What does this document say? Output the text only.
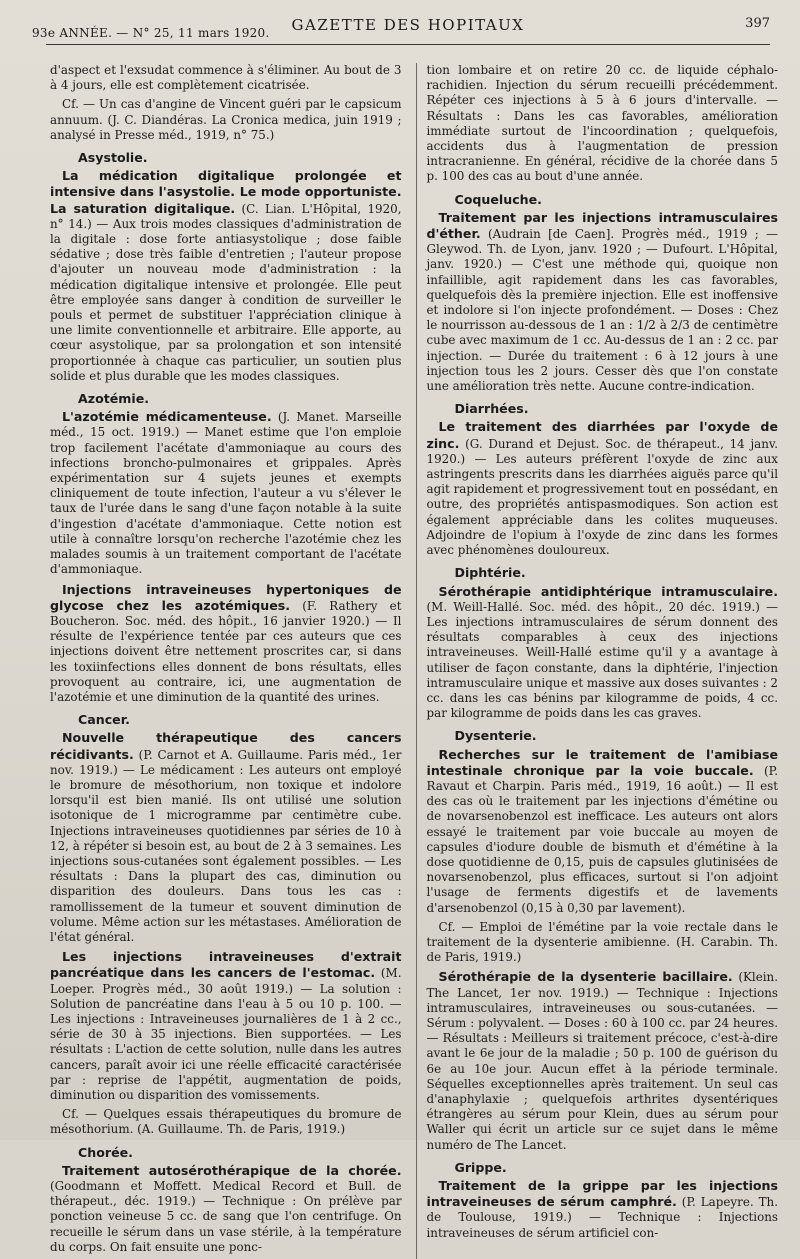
93e ANNÉE. — N° 25, 11 mars 1920.	GAZETTE DES HOPITAUX	397

d'aspect et l'exsudat commence à s'éliminer. Au bout de 3 à 4 jours, elle est complètement cicatrisée.

Cf. — Un cas d'angine de Vincent guéri par le capsicum annuum. (J. C. Diandéras. La Cronica medica, juin 1919 ; analysé in Presse méd., 1919, n° 75.)

Asystolie.

La médication digitalique prolongée et intensive dans l'asystolie. Le mode opportuniste. La saturation digitalique. (C. Lian. L'Hôpital, 1920, n° 14.) — Aux trois modes classiques d'administration de la digitale : dose forte antiasystolique ; dose faible sédative ; dose très faible d'entretien ; l'auteur propose d'ajouter un nouveau mode d'administration : la médication digitalique intensive et prolongée. Elle peut être employée sans danger à condition de surveiller le pouls et permet de substituer l'appréciation clinique à une limite conventionnelle et arbitraire. Elle apporte, au cœur asystolique, par sa prolongation et son intensité proportionnée à chaque cas particulier, un soutien plus solide et plus durable que les modes classiques.

Azotémie.

L'azotémie médicamenteuse. (J. Manet. Marseille méd., 15 oct. 1919.) — Manet estime que l'on emploie trop facilement l'acétate d'ammoniaque au cours des infections broncho-pulmonaires et grippales. Après expérimentation sur 4 sujets jeunes et exempts cliniquement de toute infection, l'auteur a vu s'élever le taux de l'urée dans le sang d'une façon notable à la suite d'ingestion d'acétate d'ammoniaque. Cette notion est utile à connaître lorsqu'on recherche l'azotémie chez les malades soumis à un traitement comportant de l'acétate d'ammoniaque.

Injections intraveineuses hypertoniques de glycose chez les azotémiques. (F. Rathery et Boucheron. Soc. méd. des hôpit., 16 janvier 1920.) — Il résulte de l'expérience tentée par ces auteurs que ces injections doivent être nettement proscrites car, si dans les toxiinfections elles donnent de bons résultats, elles provoquent au contraire, ici, une augmentation de l'azotémie et une diminution de la quantité des urines.

Cancer.

Nouvelle thérapeutique des cancers récidivants. (P. Carnot et A. Guillaume. Paris méd., 1er nov. 1919.) — Le médicament : Les auteurs ont employé le bromure de mésothorium, non toxique et indolore lorsqu'il est bien manié. Ils ont utilisé une solution isotonique de 1 microgramme par centimètre cube. Injections intraveineuses quotidiennes par séries de 10 à 12, à répéter si besoin est, au bout de 2 à 3 semaines. Les injections sous-cutanées sont également possibles. — Les résultats : Dans la plupart des cas, diminution ou disparition des douleurs. Dans tous les cas : ramollissement de la tumeur et souvent diminution de volume. Même action sur les métastases. Amélioration de l'état général.

Les injections intraveineuses d'extrait pancréatique dans les cancers de l'estomac. (M. Loeper. Progrès méd., 30 août 1919.) — La solution : Solution de pancréatine dans l'eau à 5 ou 10 p. 100. — Les injections : Intraveineuses journalières de 1 à 2 cc., série de 30 à 35 injections. Bien supportées. — Les résultats : L'action de cette solution, nulle dans les autres cancers, paraît avoir ici une réelle efficacité caractérisée par : reprise de l'appétit, augmentation de poids, diminution ou disparition des vomissements.

Cf. — Quelques essais thérapeutiques du bromure de mésothorium. (A. Guillaume. Th. de Paris, 1919.)

Chorée.

Traitement autosérothérapique de la chorée. (Goodmann et Moffett. Medical Record et Bull. de thérapeut., déc. 1919.) — Technique : On prélève par ponction veineuse 5 cc. de sang que l'on centrifuge. On recueille le sérum dans un vase stérile, à la température du corps. On fait ensuite une ponc-

tion lombaire et on retire 20 cc. de liquide céphalo-rachidien. Injection du sérum recueilli précédemment. Répéter ces injections à 5 à 6 jours d'intervalle. — Résultats : Dans les cas favorables, amélioration immédiate surtout de l'incoordination ; quelquefois, accidents dus à l'augmentation de pression intracranienne. En général, récidive de la chorée dans 5 p. 100 des cas au bout d'une année.

Coqueluche.

Traitement par les injections intramusculaires d'éther. (Audrain [de Caen]. Progrès méd., 1919 ; — Gleywod. Th. de Lyon, janv. 1920 ; — Dufourt. L'Hôpital, janv. 1920.) — C'est une méthode qui, quoique non infaillible, agit rapidement dans les cas favorables, quelquefois dès la première injection. Elle est inoffensive et indolore si l'on injecte profondément. — Doses : Chez le nourrisson au-dessous de 1 an : 1/2 à 2/3 de centimètre cube avec maximum de 1 cc. Au-dessus de 1 an : 2 cc. par injection. — Durée du traitement : 6 à 12 jours à une injection tous les 2 jours. Cesser dès que l'on constate une amélioration très nette. Aucune contre-indication.

Diarrhées.

Le traitement des diarrhées par l'oxyde de zinc. (G. Durand et Dejust. Soc. de thérapeut., 14 janv. 1920.) — Les auteurs préfèrent l'oxyde de zinc aux astringents prescrits dans les diarrhées aiguës parce qu'il agit rapidement et progressivement tout en possédant, en outre, des propriétés antispasmodiques. Son action est également appréciable dans les colites muqueuses. Adjoindre de l'opium à l'oxyde de zinc dans les formes avec phénomènes douloureux.

Diphtérie.

Sérothérapie antidiphtérique intramusculaire. (M. Weill-Hallé. Soc. méd. des hôpit., 20 déc. 1919.) — Les injections intramusculaires de sérum donnent des résultats comparables à ceux des injections intraveineuses. Weill-Hallé estime qu'il y a avantage à utiliser de façon constante, dans la diphtérie, l'injection intramusculaire unique et massive aux doses suivantes : 2 cc. dans les cas bénins par kilogramme de poids, 4 cc. par kilogramme de poids dans les cas graves.

Dysenterie.

Recherches sur le traitement de l'amibiase intestinale chronique par la voie buccale. (P. Ravaut et Charpin. Paris méd., 1919, 16 août.) — Il est des cas où le traitement par les injections d'émétine ou de novarsenobenzol est inefficace. Les auteurs ont alors essayé le traitement par voie buccale au moyen de capsules d'iodure double de bismuth et d'émétine à la dose quotidienne de 0,15, puis de capsules glutinisées de novarsenobenzol, plus efficaces, surtout si l'on adjoint l'usage de ferments digestifs et de lavements d'arsenobenzol (0,15 à 0,30 par lavement).

Cf. — Emploi de l'émétine par la voie rectale dans le traitement de la dysenterie amibienne. (H. Carabin. Th. de Paris, 1919.)

Sérothérapie de la dysenterie bacillaire. (Klein. The Lancet, 1er nov. 1919.) — Technique : Injections intramusculaires, intraveineuses ou sous-cutanées. — Sérum : polyvalent. — Doses : 60 à 100 cc. par 24 heures. — Résultats : Meilleurs si traitement précoce, c'est-à-dire avant le 6e jour de la maladie ; 50 p. 100 de guérison du 6e au 10e jour. Aucun effet à la période terminale. Séquelles exceptionnelles après traitement. Un seul cas d'anaphylaxie ; quelquefois arthrites dysentériques étrangères au sérum pour Klein, dues au sérum pour Waller qui écrit un article sur ce sujet dans le même numéro de The Lancet.

Grippe.

Traitement de la grippe par les injections intraveineuses de sérum camphré. (P. Lapeyre. Th. de Toulouse, 1919.) — Technique : Injections intraveineuses de sérum artificiel con-
